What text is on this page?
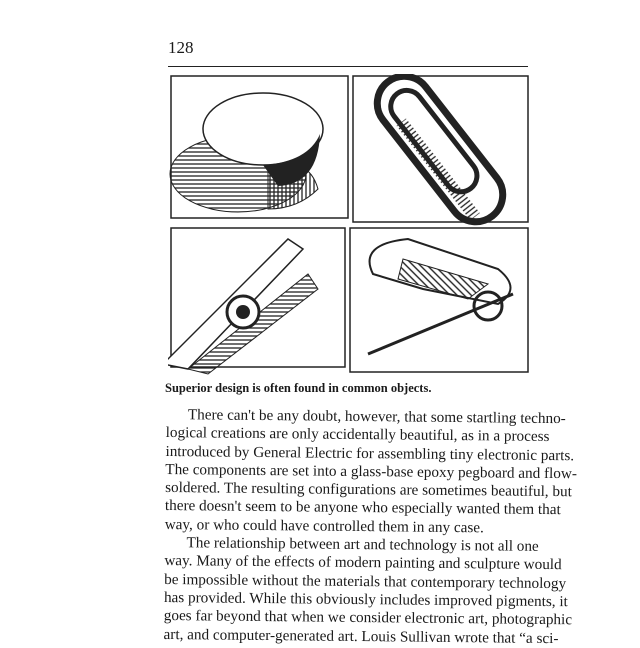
128
Superior design is often found in common objects.
There can't be any doubt, however, that some startling techno-
logical creations are only accidentally beautiful, as in a process
introduced by General Electric for assembling tiny electronic parts.
The components are set into a glass-base epoxy pegboard and flow-
soldered. The resulting configurations are sometimes beautiful, but
there doesn't seem to be anyone who especially wanted them that
way, or who could have controlled them in any case.
The relationship between art and technology is not all one
way. Many of the effects of modern painting and sculpture would
be impossible without the materials that contemporary technology
has provided. While this obviously includes improved pigments, it
goes far beyond that when we consider electronic art, photographic
art, and computer-generated art. Louis Sullivan wrote that “a sci-
